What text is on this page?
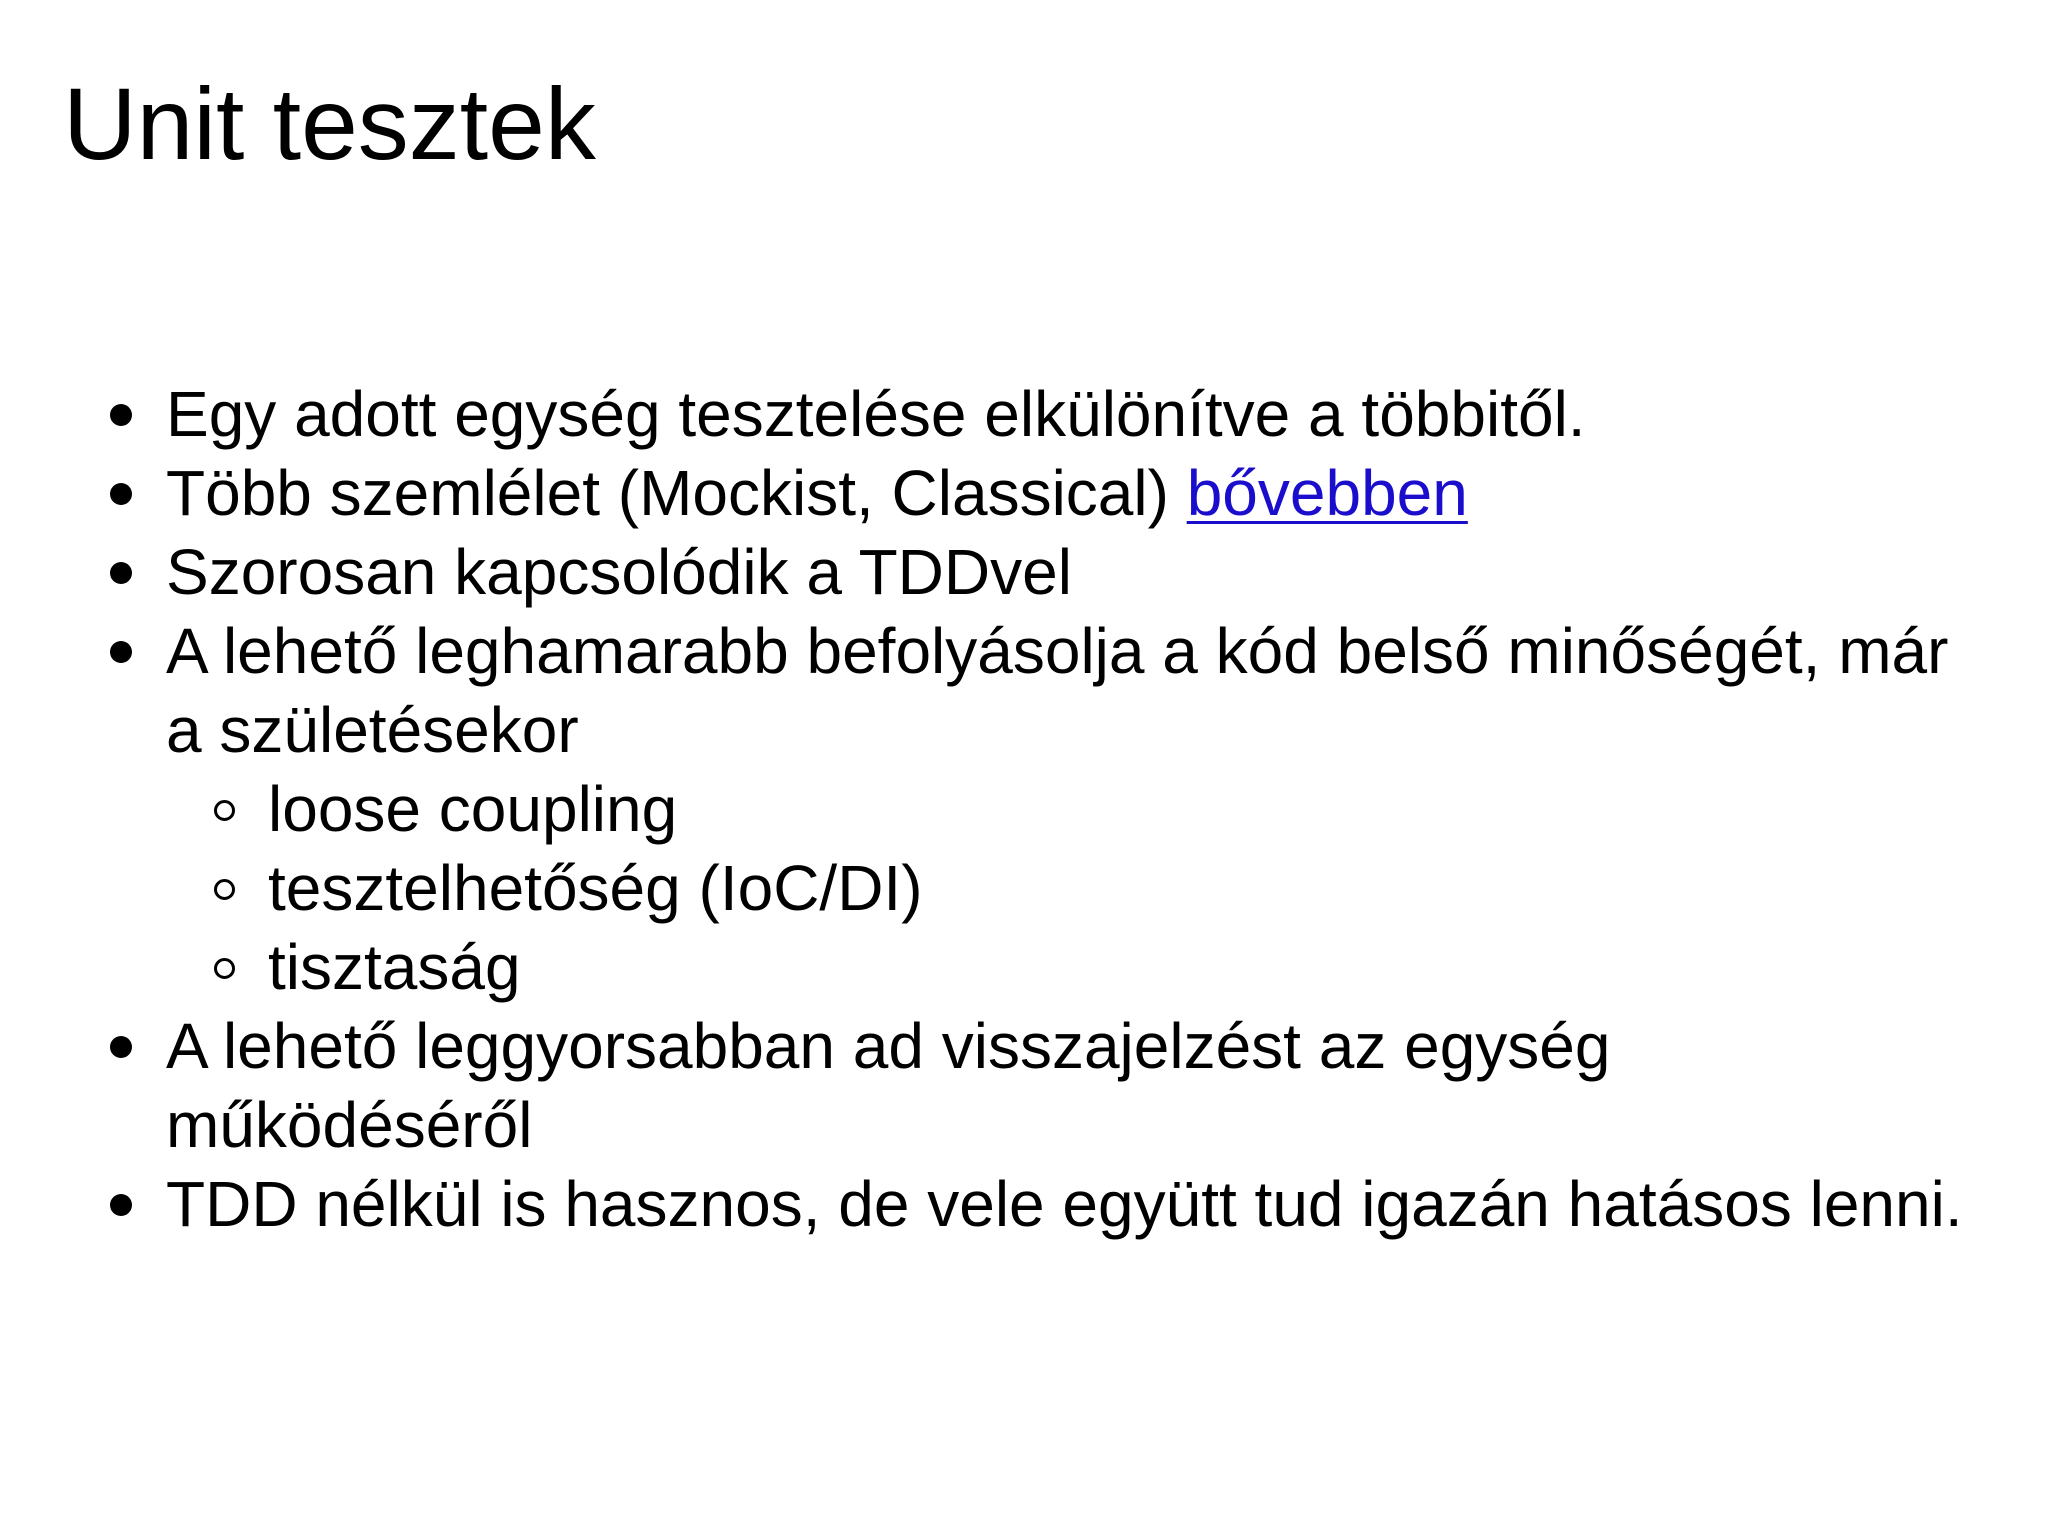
Unit tesztek
Egy adott egység tesztelése elkülönítve a többitől.
Több szemlélet (Mockist, Classical) bővebben
Szorosan kapcsolódik a TDDvel
A lehető leghamarabb befolyásolja a kód belső minőségét, már a születésekor
loose coupling
tesztelhetőség (IoC/DI)
tisztaság
A lehető leggyorsabban ad visszajelzést az egység működéséről
TDD nélkül is hasznos, de vele együtt tud igazán hatásos lenni.
